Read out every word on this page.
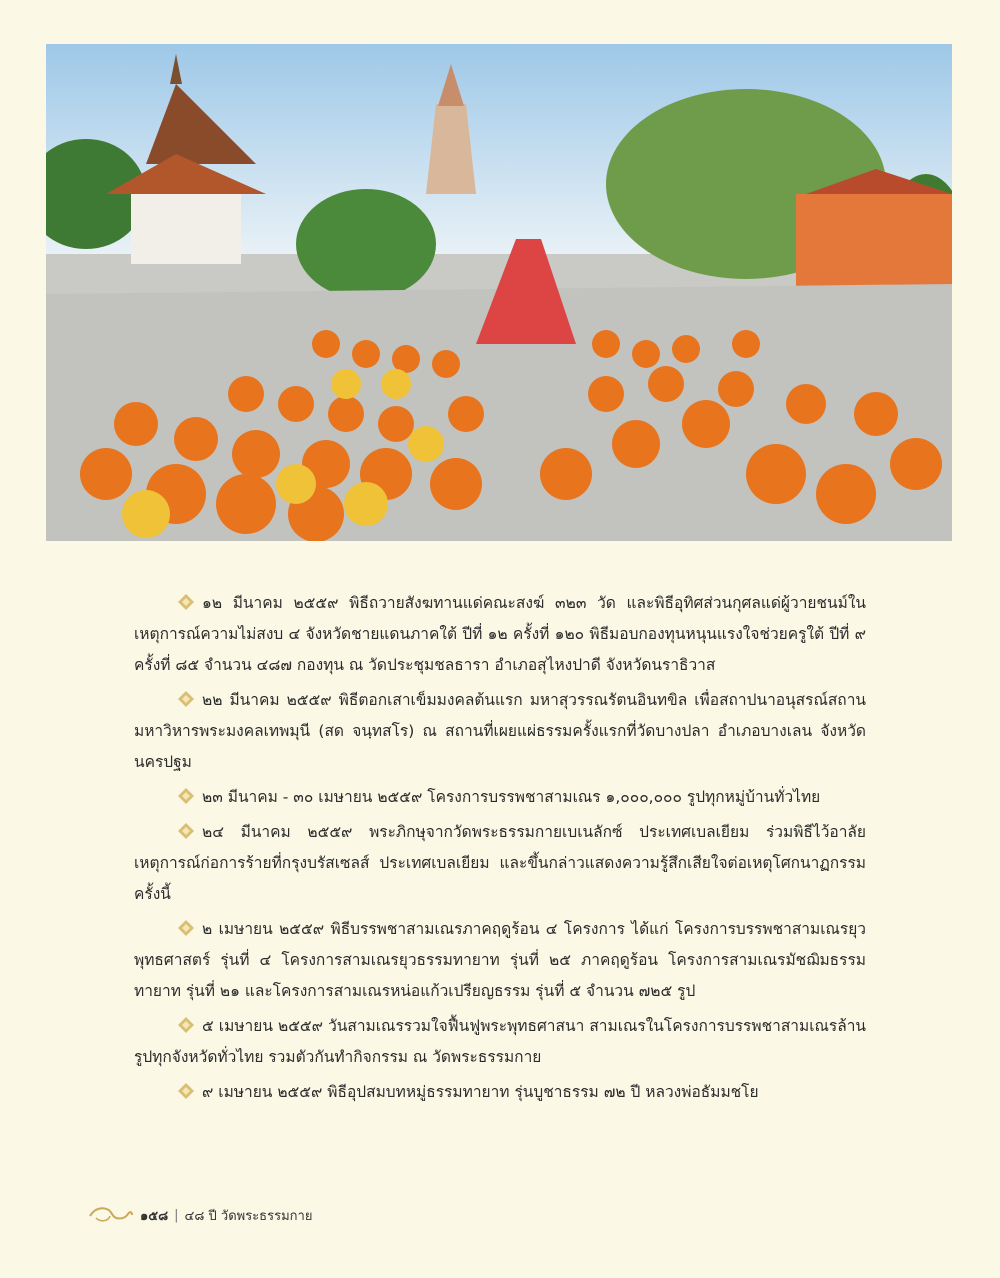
๑๒ มีนาคม ๒๕๕๙ พิธีถวายสังฆทานแด่คณะสงฆ์ ๓๒๓ วัด และพิธีอุทิศส่วนกุศลแด่ผู้วายชนม์ในเหตุการณ์ความไม่สงบ ๔ จังหวัดชายแดนภาคใต้ ปีที่ ๑๒ ครั้งที่ ๑๒๐ พิธีมอบกองทุนหนุนแรงใจช่วยครูใต้ ปีที่ ๙ ครั้งที่ ๘๕ จำนวน ๔๘๗ กองทุน ณ วัดประชุมชลธารา อำเภอสุไหงปาดี จังหวัดนราธิวาส

๒๒ มีนาคม ๒๕๕๙ พิธีตอกเสาเข็มมงคลต้นแรก มหาสุวรรณรัตนอินทขิล เพื่อสถาปนาอนุสรณ์สถานมหาวิหารพระมงคลเทพมุนี (สด จนฺทสโร) ณ สถานที่เผยแผ่ธรรมครั้งแรกที่วัดบางปลา อำเภอบางเลน จังหวัดนครปฐม

๒๓ มีนาคม - ๓๐ เมษายน ๒๕๕๙ โครงการบรรพชาสามเณร ๑,๐๐๐,๐๐๐ รูปทุกหมู่บ้านทั่วไทย

๒๔ มีนาคม ๒๕๕๙ พระภิกษุจากวัดพระธรรมกายเบเนลักซ์ ประเทศเบลเยียม ร่วมพิธีไว้อาลัยเหตุการณ์ก่อการร้ายที่กรุงบรัสเซลส์ ประเทศเบลเยียม และขึ้นกล่าวแสดงความรู้สึกเสียใจต่อเหตุโศกนาฏกรรมครั้งนี้

๒ เมษายน ๒๕๕๙ พิธีบรรพชาสามเณรภาคฤดูร้อน ๔ โครงการ ได้แก่ โครงการบรรพชาสามเณรยุวพุทธศาสตร์ รุ่นที่ ๔ โครงการสามเณรยุวธรรมทายาท รุ่นที่ ๒๕ ภาคฤดูร้อน โครงการสามเณรมัชฌิมธรรมทายาท รุ่นที่ ๒๑ และโครงการสามเณรหน่อแก้วเปรียญธรรม รุ่นที่ ๕ จำนวน ๗๒๕ รูป

๕ เมษายน ๒๕๕๙ วันสามเณรรวมใจฟื้นฟูพระพุทธศาสนา สามเณรในโครงการบรรพชาสามเณรล้านรูปทุกจังหวัดทั่วไทย รวมตัวกันทำกิจกรรม ณ วัดพระธรรมกาย

๙ เมษายน ๒๕๕๙ พิธีอุปสมบทหมู่ธรรมทายาท รุ่นบูชาธรรม ๗๒ ปี หลวงพ่อธัมมชโย

๑๕๘ | ๔๘ ปี วัดพระธรรมกาย
